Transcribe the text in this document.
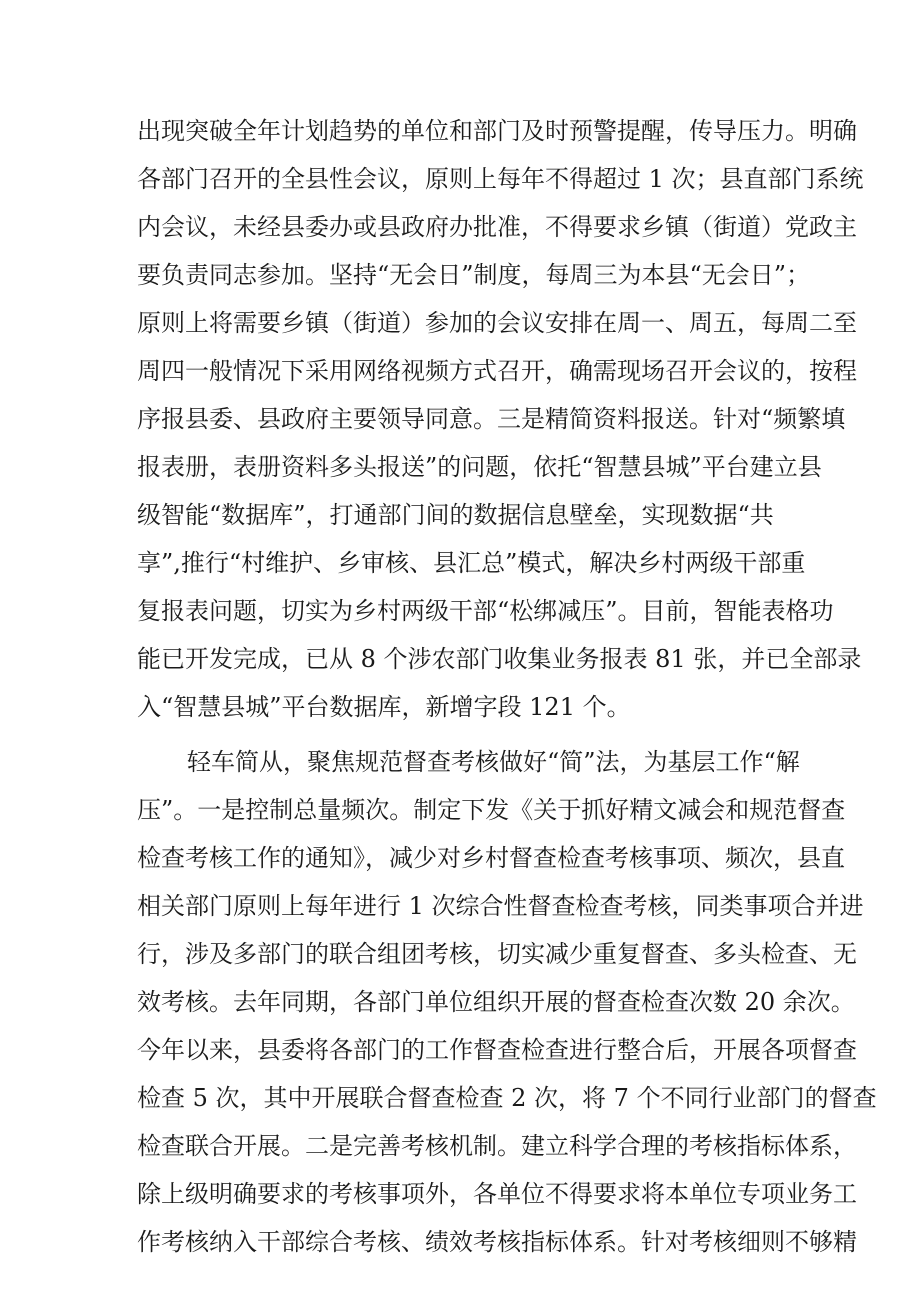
出现突破全年计划趋势的单位和部门及时预警提醒，传导压力。明确
各部门召开的全县性会议，原则上每年不得超过 1 次；县直部门系统
内会议，未经县委办或县政府办批准，不得要求乡镇（街道）党政主
要负责同志参加。坚持“无会日”制度，每周三为本县“无会日”；
原则上将需要乡镇（街道）参加的会议安排在周一、周五，每周二至
周四一般情况下采用网络视频方式召开，确需现场召开会议的，按程
序报县委、县政府主要领导同意。三是精简资料报送。针对“频繁填
报表册，表册资料多头报送”的问题，依托“智慧县城”平台建立县
级智能“数据库”，打通部门间的数据信息壁垒，实现数据“共
享”,推行“村维护、乡审核、县汇总”模式，解决乡村两级干部重
复报表问题，切实为乡村两级干部“松绑减压”。目前，智能表格功
能已开发完成，已从 8 个涉农部门收集业务报表 81 张，并已全部录
入“智慧县城”平台数据库，新增字段 121 个。
轻车简从，聚焦规范督查考核做好“简”法，为基层工作“解
压”。一是控制总量频次。制定下发《关于抓好精文减会和规范督查
检查考核工作的通知》，减少对乡村督查检查考核事项、频次，县直
相关部门原则上每年进行 1 次综合性督查检查考核，同类事项合并进
行，涉及多部门的联合组团考核，切实减少重复督查、多头检查、无
效考核。去年同期，各部门单位组织开展的督查检查次数 20 余次。
今年以来，县委将各部门的工作督查检查进行整合后，开展各项督查
检查 5 次，其中开展联合督查检查 2 次，将 7 个不同行业部门的督查
检查联合开展。二是完善考核机制。建立科学合理的考核指标体系，
除上级明确要求的考核事项外，各单位不得要求将本单位专项业务工
作考核纳入干部综合考核、绩效考核指标体系。针对考核细则不够精
